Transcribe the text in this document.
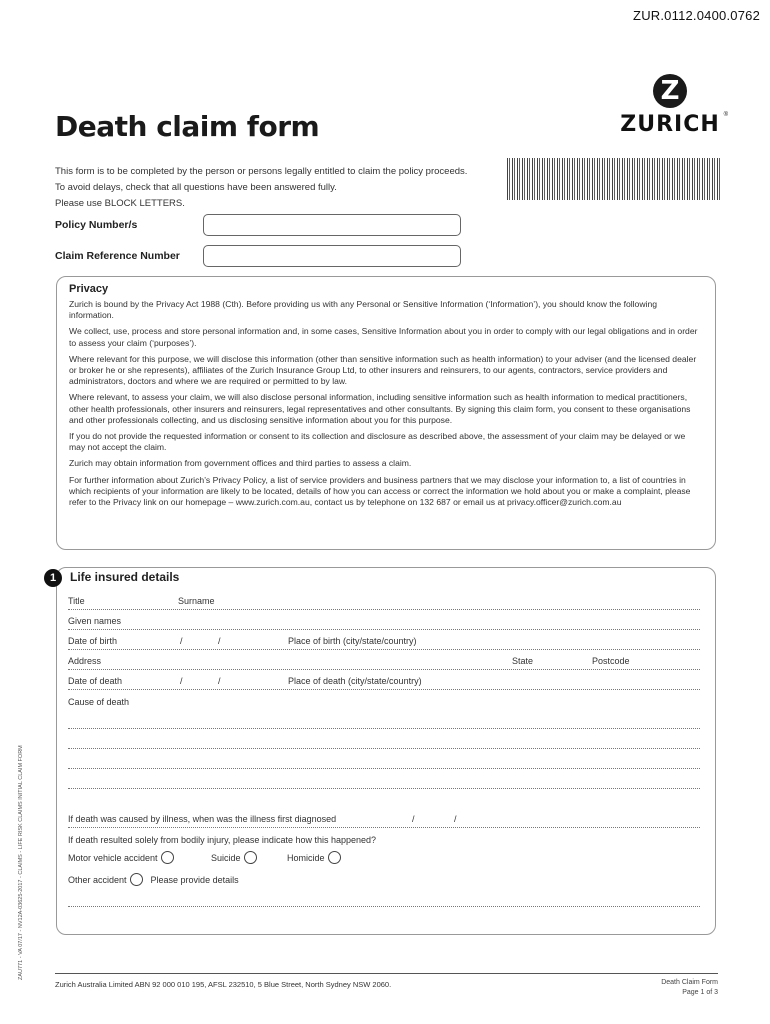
ZUR.0112.0400.0762
Z
ZURICH ®
Death claim form
This form is to be completed by the person or persons legally entitled to claim the policy proceeds.
To avoid delays, check that all questions have been answered fully.
Please use BLOCK LETTERS.
Policy Number/s
Claim Reference Number
Privacy
Zurich is bound by the Privacy Act 1988 (Cth). Before providing us with any Personal or Sensitive Information (‘Information’), you should know the following information.
We collect, use, process and store personal information and, in some cases, Sensitive Information about you in order to comply with our legal obligations and in order to assess your claim (‘purposes’).
Where relevant for this purpose, we will disclose this information (other than sensitive information such as health information) to your adviser (and the licensed dealer or broker he or she represents), affiliates of the Zurich Insurance Group Ltd, to other insurers and reinsurers, to our agents, contractors, service providers and administrators, doctors and where we are required or permitted to by law.
Where relevant, to assess your claim, we will also disclose personal information, including sensitive information such as health information to medical practitioners, other health professionals, other insurers and reinsurers, legal representatives and other consultants. By signing this claim form, you consent to these organisations and other professionals collecting, and us disclosing sensitive information about you for this purpose.
If you do not provide the requested information or consent to its collection and disclosure as described above, the assessment of your claim may be delayed or we may not accept the claim.
Zurich may obtain information from government offices and third parties to assess a claim.
For further information about Zurich’s Privacy Policy, a list of service providers and business partners that we may disclose your information to, a list of countries in which recipients of your information are likely to be located, details of how you can access or correct the information we hold about you or make a complaint, please refer to the Privacy link on our homepage – www.zurich.com.au, contact us by telephone on 132 687 or email us at privacy.officer@zurich.com.au
1	Life insured details
Title	Surname
Given names
Date of birth	/	/	Place of birth (city/state/country)
Address	State	Postcode
Date of death	/	/	Place of death (city/state/country)
Cause of death
If death was caused by illness, when was the illness first diagnosed	/	/
If death resulted solely from bodily injury, please indicate how this happened?
Motor vehicle accident	Suicide	Homicide
Other accident	Please provide details
Zurich Australia Limited ABN 92 000 010 195, AFSL 232510, 5 Blue Street, North Sydney NSW 2060.	Death Claim Form
Page 1 of 3
ZAU771 - VA 07/17 - NV12A-03625-2017 - CLAIMS - LIFE RISK CLAIMS INITIAL CLAIM FORM
